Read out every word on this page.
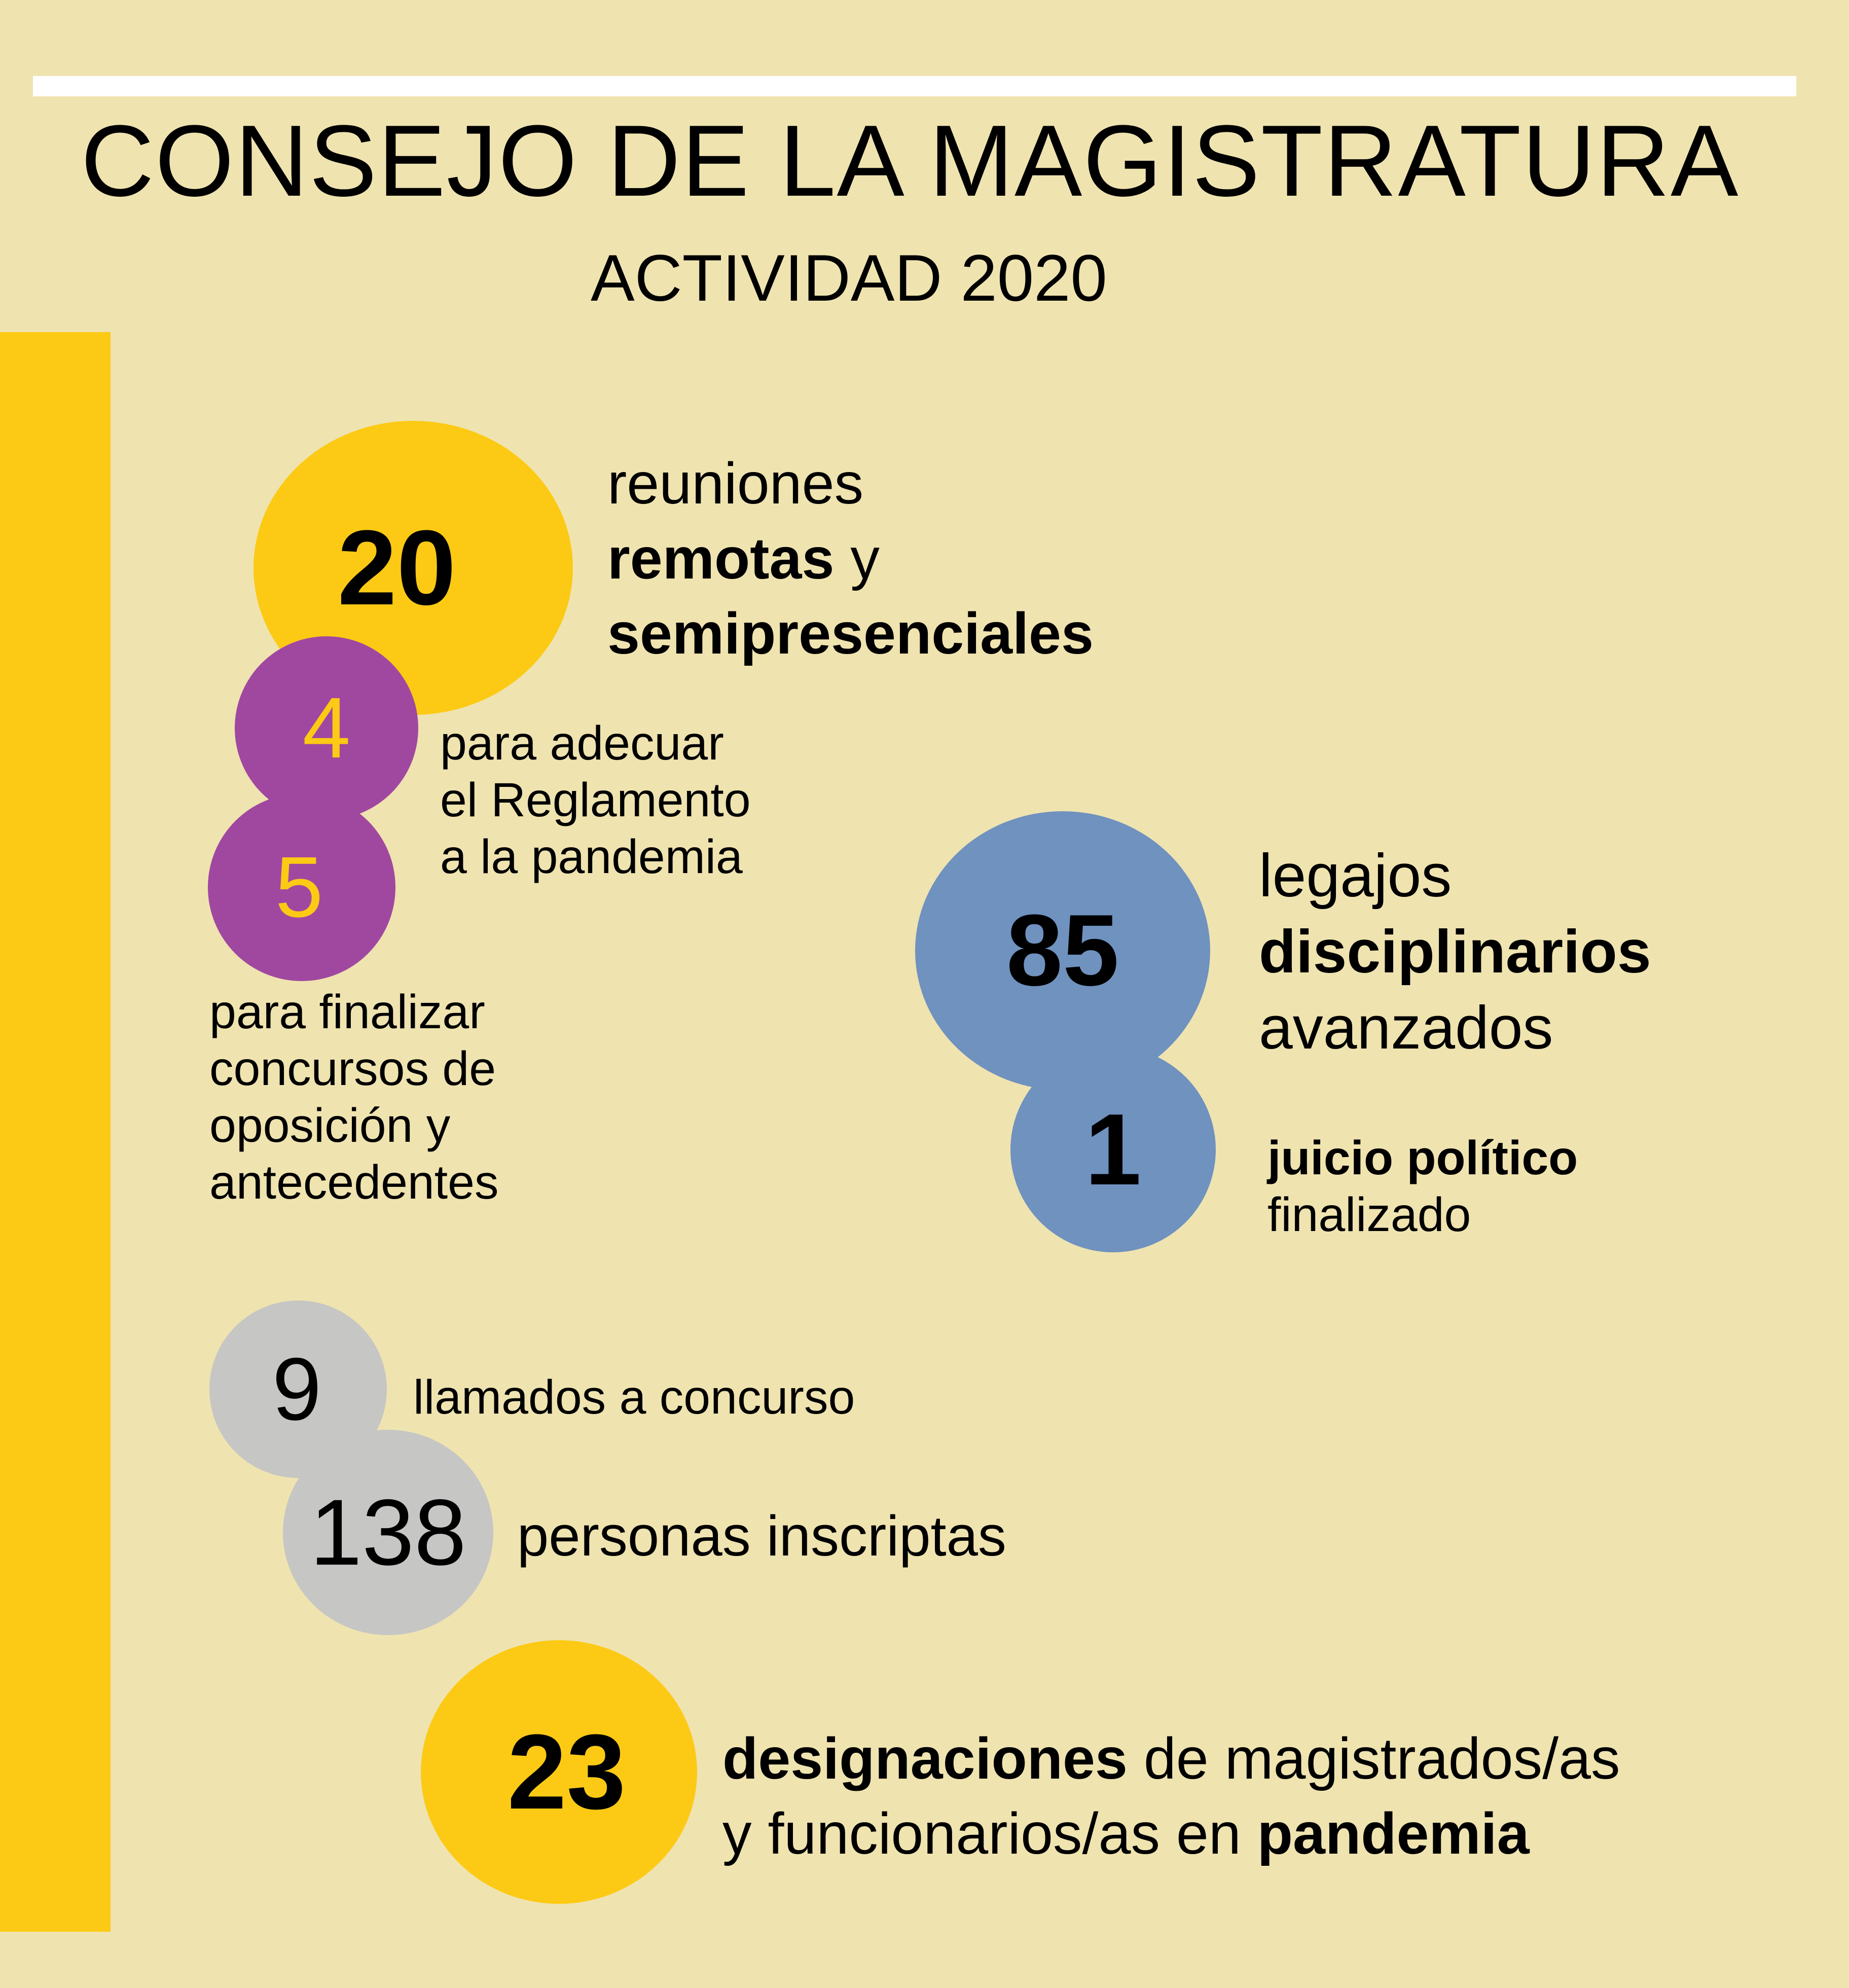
CONSEJO DE LA MAGISTRATURA
ACTIVIDAD 2020
20
reuniones
remotas y
semipresenciales
4 para adecuar
el Reglamento
a la pandemia
5
para finalizar
concursos de
oposición y
antecedentes
85
legajos
disciplinarios
avanzados
1	juicio político
finalizado
9 llamados a concurso
138 personas inscriptas
23 designaciones de magistrados/as
y funcionarios/as en pandemia
